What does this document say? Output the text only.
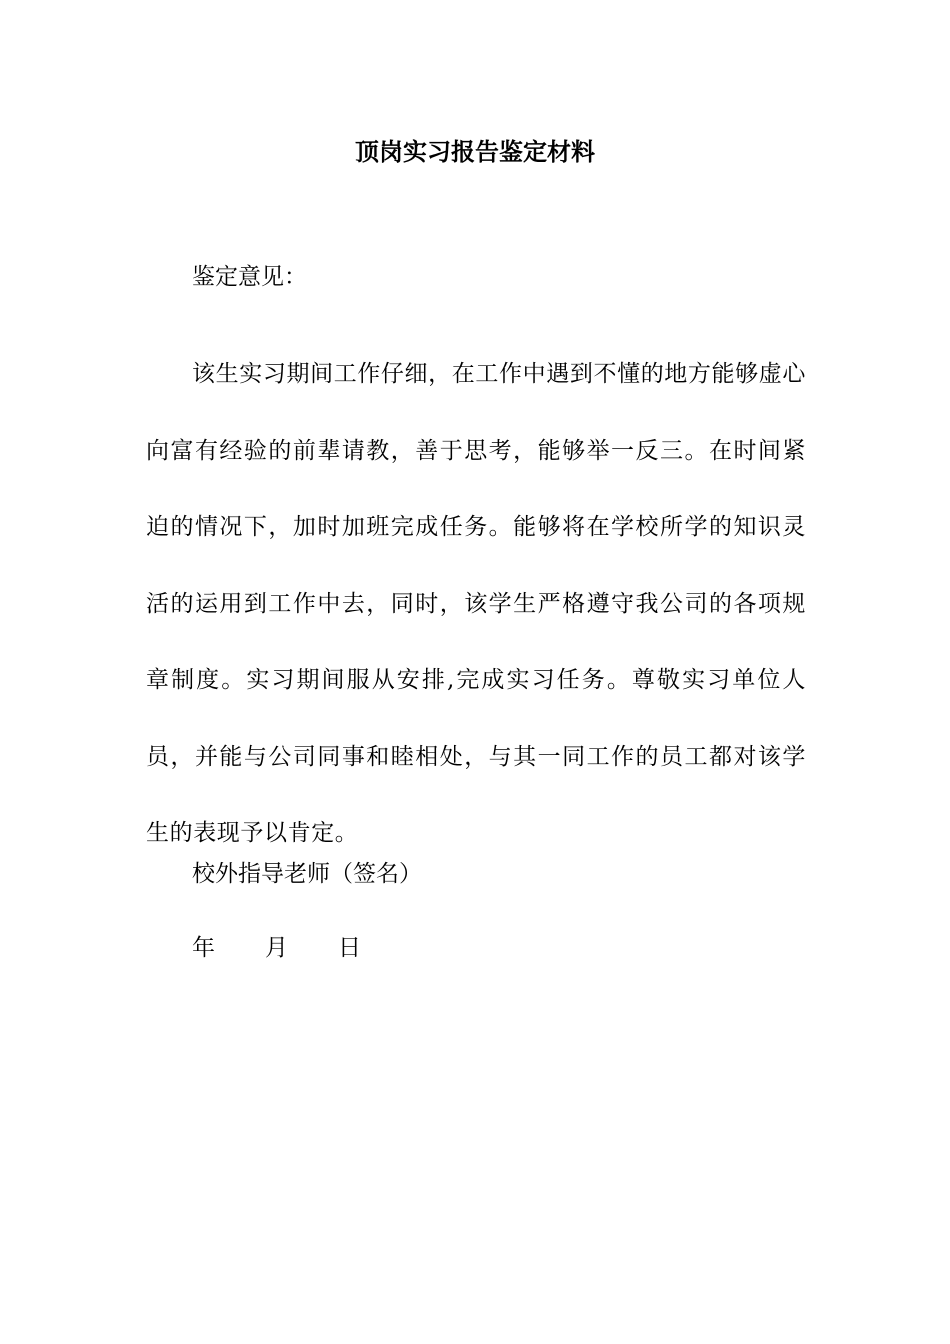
顶岗实习报告鉴定材料
鉴定意见：
该生实习期间工作仔细，在工作中遇到不懂的地方能够虚心向富有经验的前辈请教，善于思考，能够举一反三。在时间紧迫的情况下，加时加班完成任务。能够将在学校所学的知识灵活的运用到工作中去，同时，该学生严格遵守我公司的各项规章制度。实习期间服从安排,完成实习任务。尊敬实习单位人员，并能与公司同事和睦相处，与其一同工作的员工都对该学生的表现予以肯定。
校外指导老师（签名）
年	月	日
